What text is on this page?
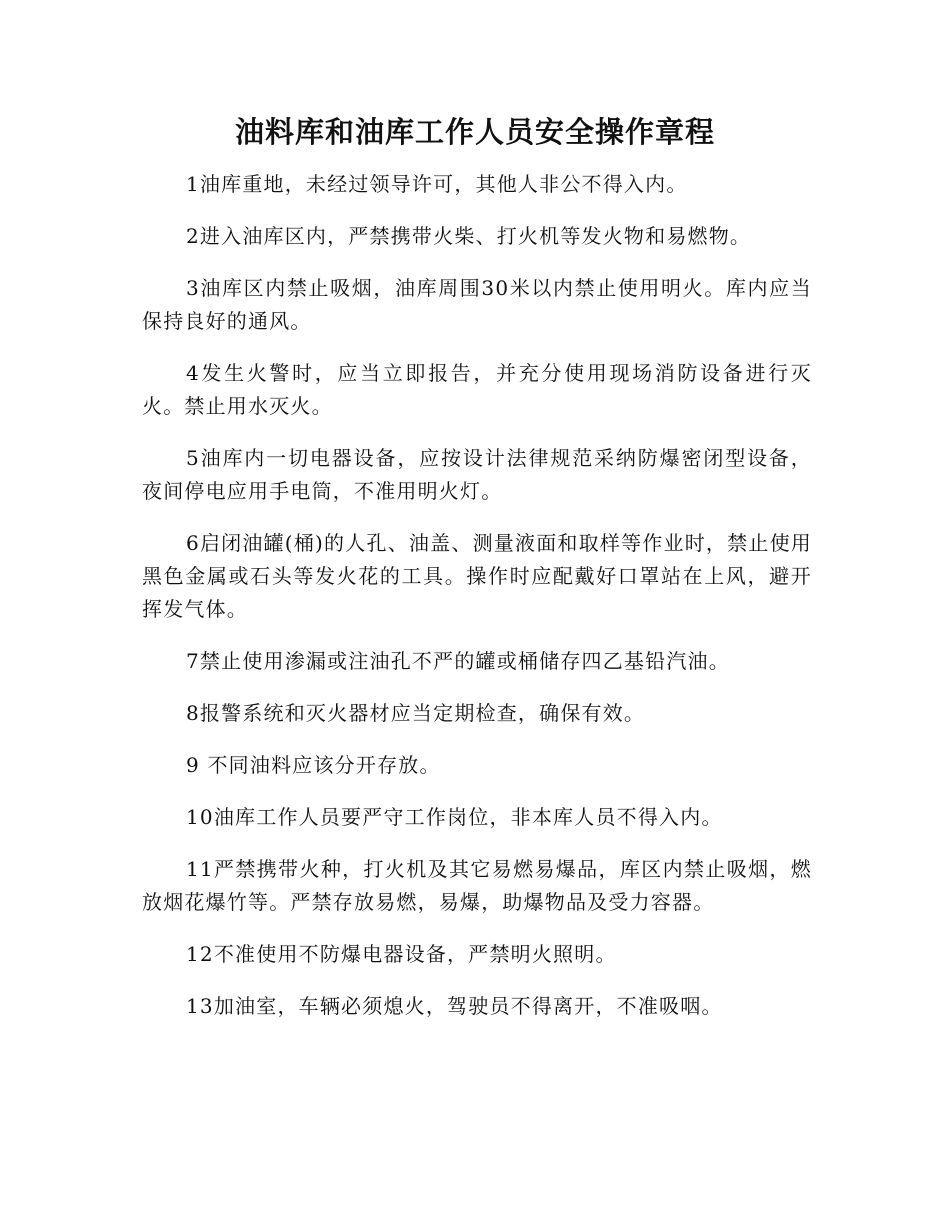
油料库和油库工作人员安全操作章程

1油库重地，未经过领导许可，其他人非公不得入内。

2进入油库区内，严禁携带火柴、打火机等发火物和易燃物。

3油库区内禁止吸烟，油库周围30米以内禁止使用明火。库内应当保持良好的通风。

4发生火警时，应当立即报告，并充分使用现场消防设备进行灭火。禁止用水灭火。

5油库内一切电器设备，应按设计法律规范采纳防爆密闭型设备，夜间停电应用手电筒，不准用明火灯。

6启闭油罐(桶)的人孔、油盖、测量液面和取样等作业时，禁止使用黑色金属或石头等发火花的工具。操作时应配戴好口罩站在上风，避开挥发气体。

7禁止使用渗漏或注油孔不严的罐或桶储存四乙基铅汽油。

8报警系统和灭火器材应当定期检查，确保有效。

9 不同油料应该分开存放。

10油库工作人员要严守工作岗位，非本库人员不得入内。

11严禁携带火种，打火机及其它易燃易爆品，库区内禁止吸烟，燃放烟花爆竹等。严禁存放易燃，易爆，助爆物品及受力容器。

12不准使用不防爆电器设备，严禁明火照明。

13加油室，车辆必须熄火，驾驶员不得离开，不准吸咽。
